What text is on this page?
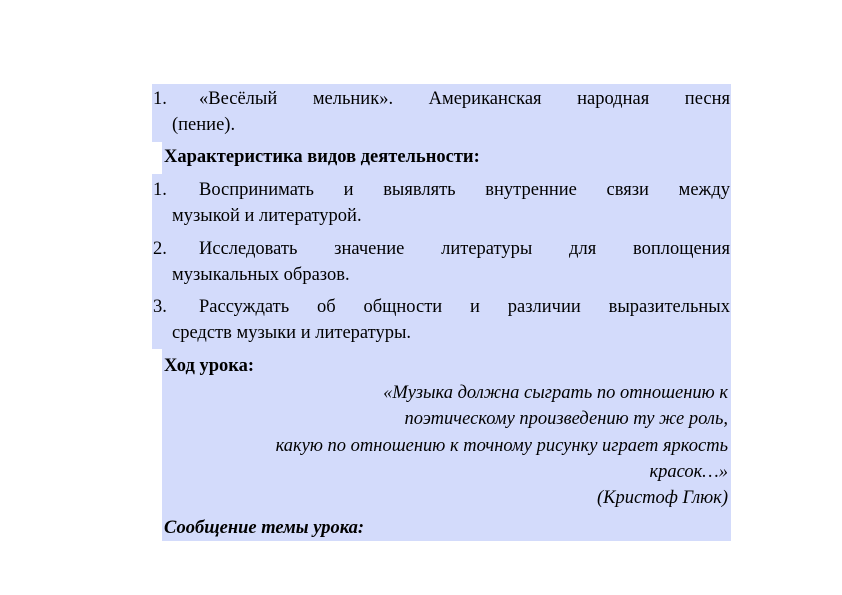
1. «Весёлый мельник». Американская народная песня
(пение).
Характеристика видов деятельности:
1. Воспринимать и выявлять внутренние связи между
музыкой и литературой.
2. Исследовать значение литературы для воплощения
музыкальных образов.
3. Рассуждать об общности и различии выразительных
средств музыки и литературы.
Ход урока:
«Музыка должна сыграть по отношению к
поэтическому произведению ту же роль,
какую по отношению к точному рисунку играет яркость
красок…»
(Кристоф Глюк)
Сообщение темы урока:
